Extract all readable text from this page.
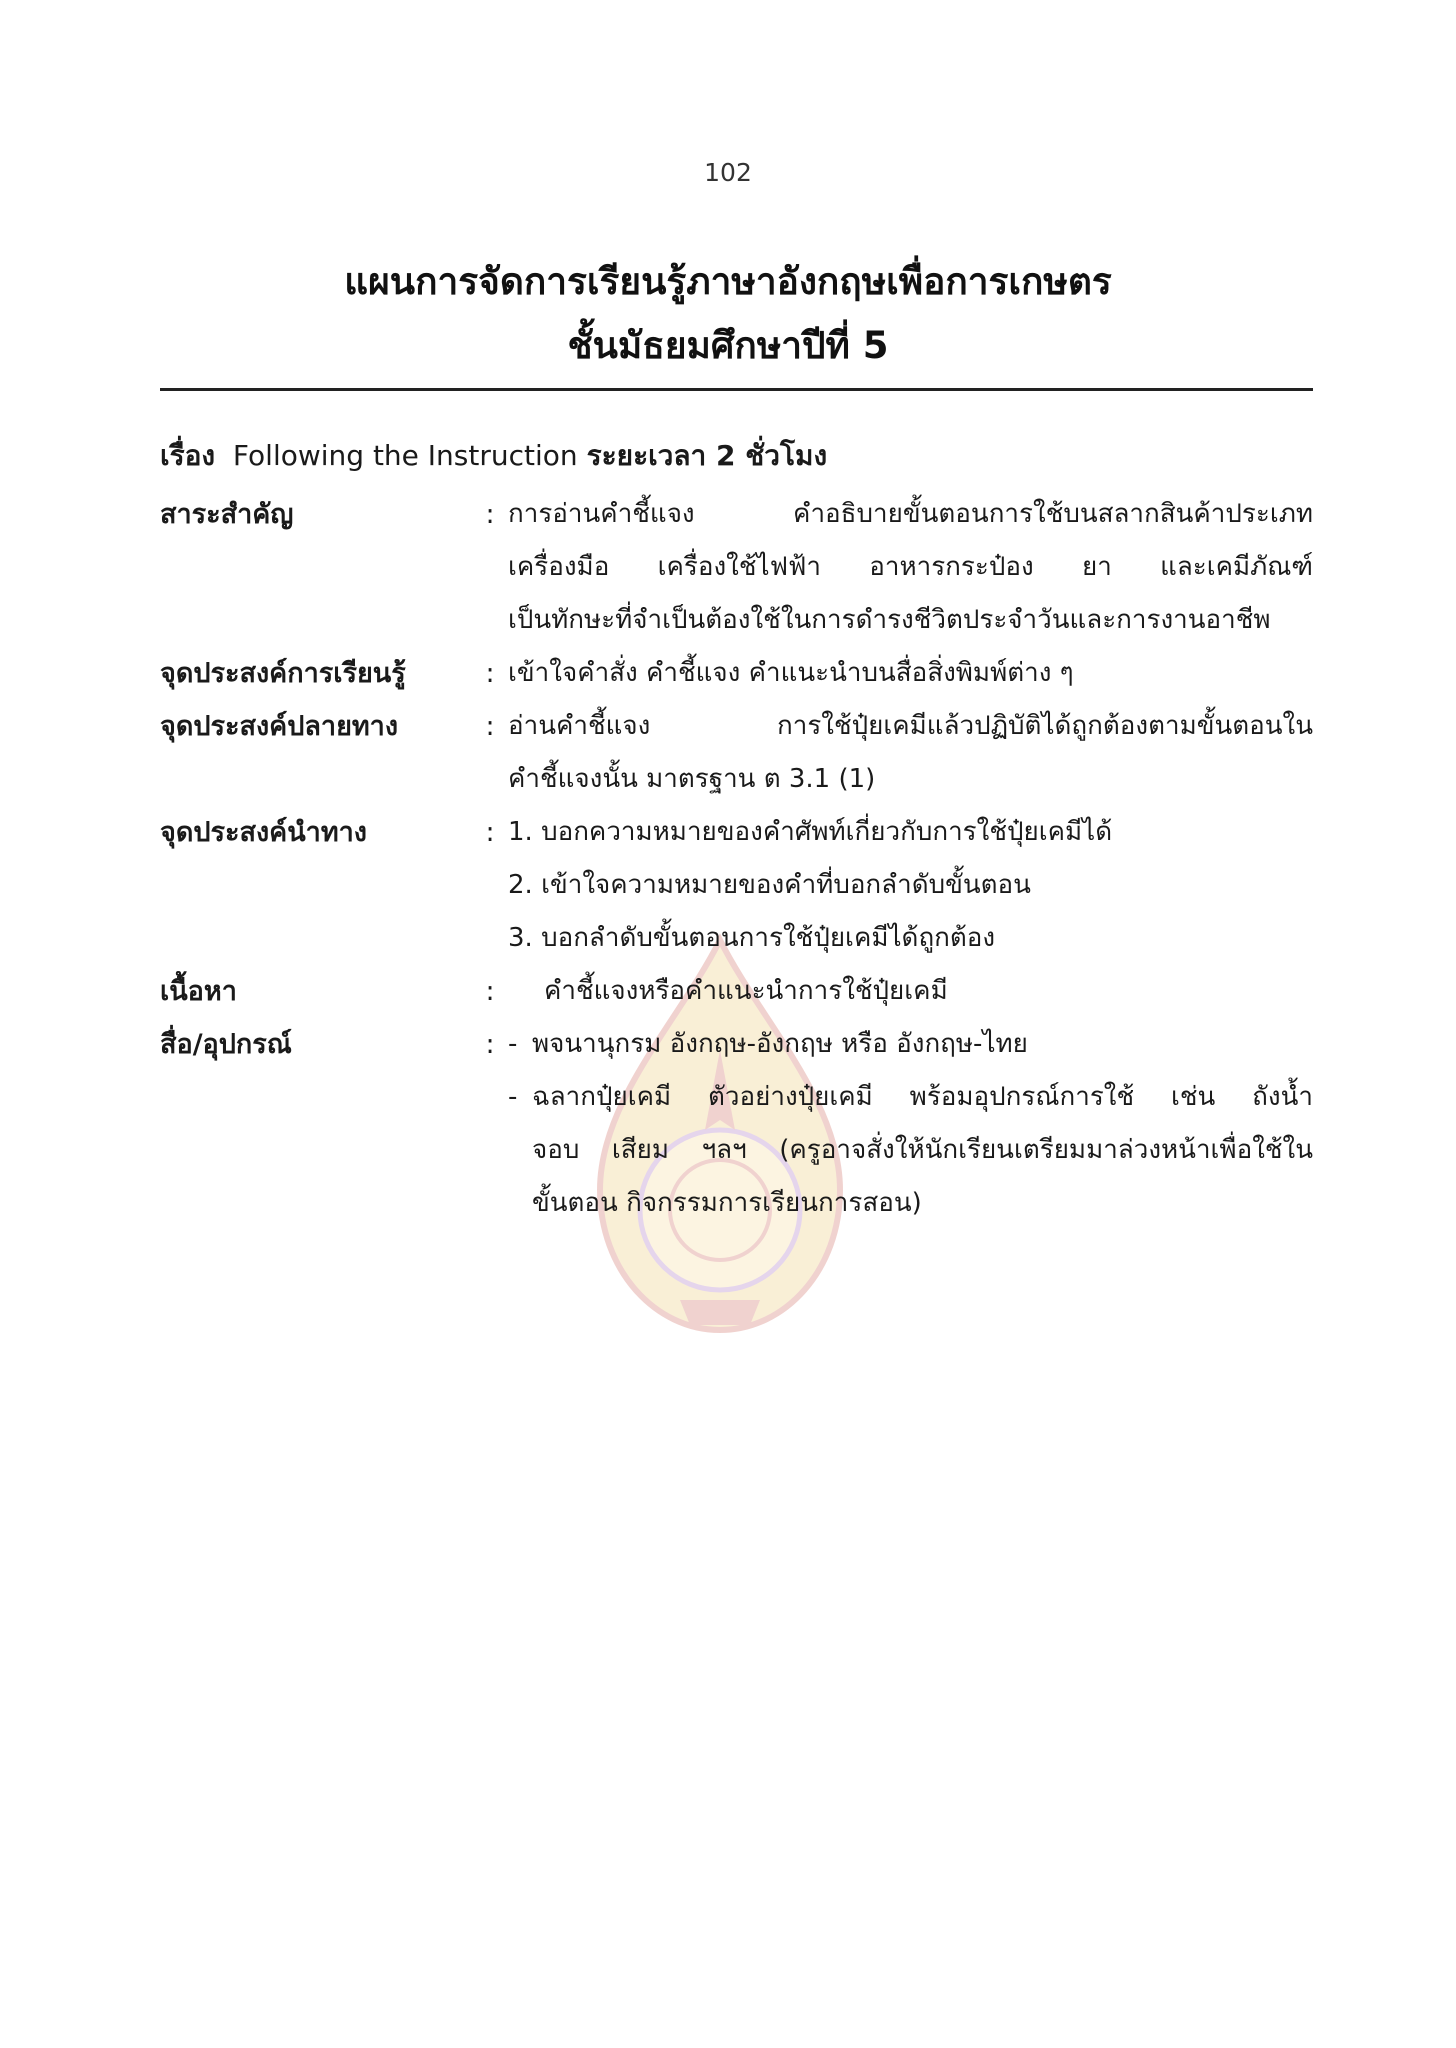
102
แผนการจัดการเรียนรู้ภาษาอังกฤษเพื่อการเกษตร
ชั้นมัธยมศึกษาปีที่ 5
เรื่อง Following the Instruction ระยะเวลา 2 ชั่วโมง
สาระสำคัญ	: การอ่านคำชี้แจง คำอธิบายขั้นตอนการใช้บนสลากสินค้าประเภท
เครื่องมือ เครื่องใช้ไฟฟ้า อาหารกระป๋อง ยา และเคมีภัณฑ์
เป็นทักษะที่จำเป็นต้องใช้ในการดำรงชีวิตประจำวันและการงานอาชีพ
จุดประสงค์การเรียนรู้	: เข้าใจคำสั่ง คำชี้แจง คำแนะนำบนสื่อสิ่งพิมพ์ต่าง ๆ
จุดประสงค์ปลายทาง	: อ่านคำชี้แจง การใช้ปุ๋ยเคมีแล้วปฏิบัติได้ถูกต้องตามขั้นตอนใน
คำชี้แจงนั้น มาตรฐาน ต 3.1 (1)
จุดประสงค์นำทาง	: 1. บอกความหมายของคำศัพท์เกี่ยวกับการใช้ปุ๋ยเคมีได้
2. เข้าใจความหมายของคำที่บอกลำดับขั้นตอน
3. บอกลำดับขั้นตอนการใช้ปุ๋ยเคมีได้ถูกต้อง
เนื้อหา	:	คำชี้แจงหรือคำแนะนำการใช้ปุ๋ยเคมี
สื่อ/อุปกรณ์	: - พจนานุกรม อังกฤษ-อังกฤษ หรือ อังกฤษ-ไทย
- ฉลากปุ๋ยเคมี ตัวอย่างปุ๋ยเคมี พร้อมอุปกรณ์การใช้ เช่น ถังน้ำ
จอบ เสียม ฯลฯ (ครูอาจสั่งให้นักเรียนเตรียมมาล่วงหน้าเพื่อใช้ใน
ขั้นตอน กิจกรรมการเรียนการสอน)
